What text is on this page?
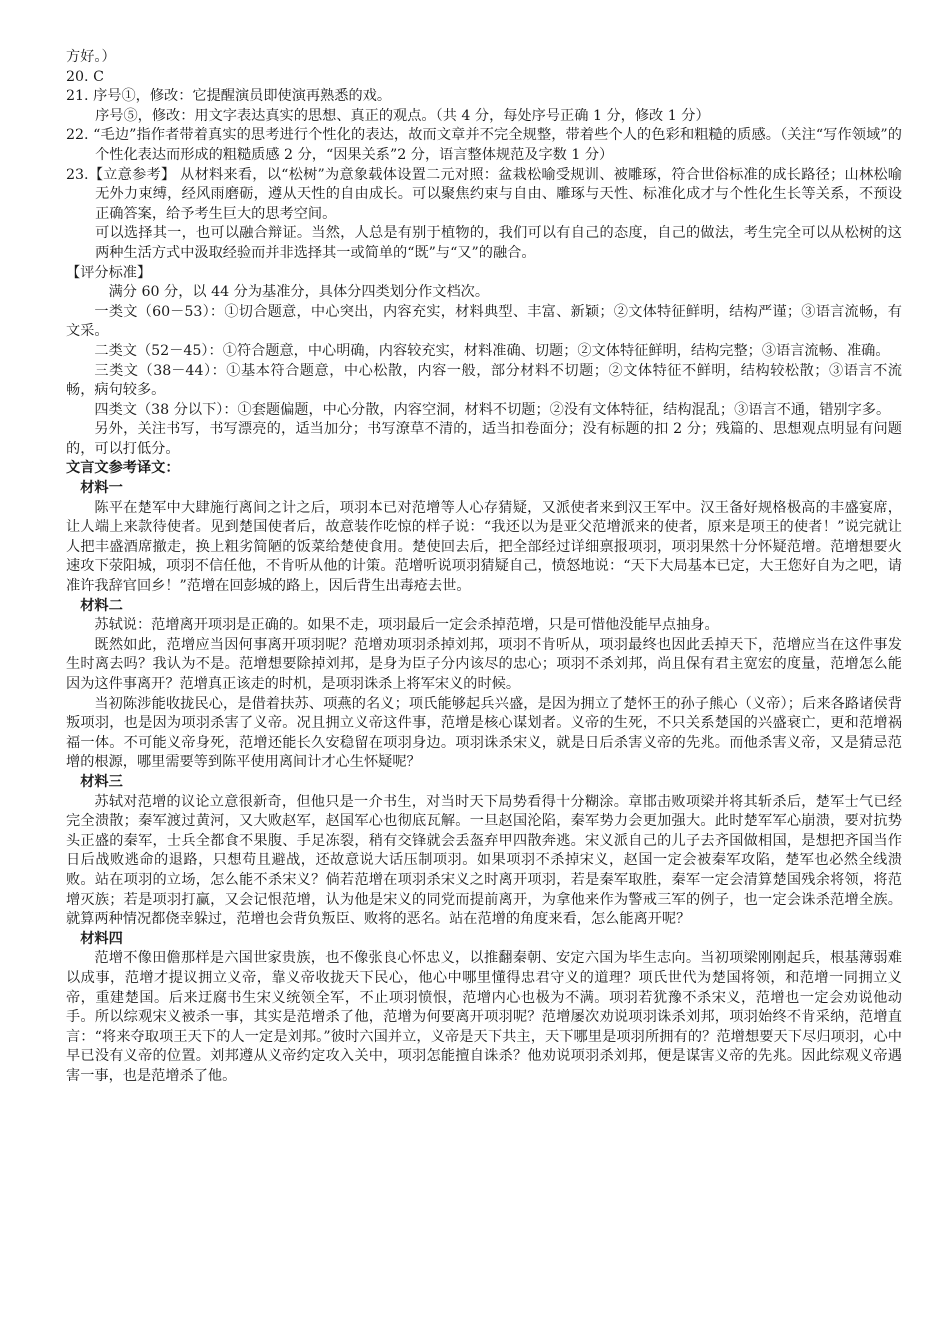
方好。）
20. C
21. 序号①，修改：它提醒演员即使演再熟悉的戏。
序号⑤，修改：用文字表达真实的思想、真正的观点。（共 4 分，每处序号正确 1 分，修改 1 分）

22. “毛边”指作者带着真实的思考进行个性化的表达，故而文章并不完全规整，带着些个人的色彩和粗糙的质感。（关注“写作领域”的个性化表达而形成的粗糙质感 2 分，“因果关系”2 分，语言整体规范及字数 1 分）

23.【立意参考】 从材料来看，以“松树”为意象载体设置二元对照：盆栽松喻受规训、被雕琢，符合世俗标准的成长路径；山林松喻无外力束缚，经风雨磨砺，遵从天性的自由成长。可以聚焦约束与自由、雕琢与天性、标准化成才与个性化生长等关系，不预设正确答案，给予考生巨大的思考空间。

可以选择其一，也可以融合辩证。当然，人总是有别于植物的，我们可以有自己的态度，自己的做法，考生完全可以从松树的这两种生活方式中汲取经验而并非选择其一或简单的“既”与“又”的融合。

【评分标准】

满分 60 分，以 44 分为基准分，具体分四类划分作文档次。

一类文（60－53）：①切合题意，中心突出，内容充实，材料典型、丰富、新颖；②文体特征鲜明，结构严谨；③语言流畅，有文采。

二类文（52－45）：①符合题意，中心明确，内容较充实，材料准确、切题；②文体特征鲜明，结构完整；③语言流畅、准确。

三类文（38－44）：①基本符合题意，中心松散，内容一般，部分材料不切题；②文体特征不鲜明，结构较松散；③语言不流畅，病句较多。

四类文（38 分以下）：①套题偏题，中心分散，内容空洞，材料不切题；②没有文体特征，结构混乱；③语言不通，错别字多。

另外，关注书写，书写漂亮的，适当加分；书写潦草不清的，适当扣卷面分；没有标题的扣 2 分；残篇的、思想观点明显有问题的，可以打低分。

文言文参考译文：
材料一

陈平在楚军中大肆施行离间之计之后，项羽本已对范增等人心存猜疑，又派使者来到汉王军中。汉王备好规格极高的丰盛宴席，让人端上来款待使者。见到楚国使者后，故意装作吃惊的样子说：“我还以为是亚父范增派来的使者，原来是项王的使者！”说完就让人把丰盛酒席撤走，换上粗劣简陋的饭菜给楚使食用。楚使回去后，把全部经过详细禀报项羽，项羽果然十分怀疑范增。范增想要火速攻下荥阳城，项羽不信任他，不肯听从他的计策。范增听说项羽猜疑自己，愤怒地说：“天下大局基本已定，大王您好自为之吧，请准许我辞官回乡！”范增在回彭城的路上，因后背生出毒疮去世。

材料二

苏轼说：范增离开项羽是正确的。如果不走，项羽最后一定会杀掉范增，只是可惜他没能早点抽身。

既然如此，范增应当因何事离开项羽呢？范增劝项羽杀掉刘邦，项羽不肯听从，项羽最终也因此丢掉天下，范增应当在这件事发生时离去吗？我认为不是。范增想要除掉刘邦，是身为臣子分内该尽的忠心；项羽不杀刘邦，尚且保有君主宽宏的度量，范增怎么能因为这件事离开？范增真正该走的时机，是项羽诛杀上将军宋义的时候。

当初陈涉能收拢民心，是借着扶苏、项燕的名义；项氏能够起兵兴盛，是因为拥立了楚怀王的孙子熊心（义帝）；后来各路诸侯背叛项羽，也是因为项羽杀害了义帝。况且拥立义帝这件事，范增是核心谋划者。义帝的生死，不只关系楚国的兴盛衰亡，更和范增祸福一体。不可能义帝身死，范增还能长久安稳留在项羽身边。项羽诛杀宋义，就是日后杀害义帝的先兆。而他杀害义帝，又是猜忌范增的根源，哪里需要等到陈平使用离间计才心生怀疑呢？

材料三

苏轼对范增的议论立意很新奇，但他只是一介书生，对当时天下局势看得十分糊涂。章邯击败项梁并将其斩杀后，楚军士气已经完全溃散；秦军渡过黄河，又大败赵军，赵国军心也彻底瓦解。一旦赵国沦陷，秦军势力会更加强大。此时楚军军心崩溃，要对抗势头正盛的秦军，士兵全都食不果腹、手足冻裂，稍有交锋就会丢盔弃甲四散奔逃。宋义派自己的儿子去齐国做相国，是想把齐国当作日后战败逃命的退路，只想苟且避战，还故意说大话压制项羽。如果项羽不杀掉宋义，赵国一定会被秦军攻陷，楚军也必然全线溃败。站在项羽的立场，怎么能不杀宋义？倘若范增在项羽杀宋义之时离开项羽，若是秦军取胜，秦军一定会清算楚国残余将领，将范增灭族；若是项羽打赢，又会记恨范增，认为他是宋义的同党而提前离开，为拿他来作为警戒三军的例子，也一定会诛杀范增全族。就算两种情况都侥幸躲过，范增也会背负叛臣、败将的恶名。站在范增的角度来看，怎么能离开呢？

材料四

范增不像田儋那样是六国世家贵族，也不像张良心怀忠义，以推翻秦朝、安定六国为毕生志向。当初项梁刚刚起兵，根基薄弱难以成事，范增才提议拥立义帝，靠义帝收拢天下民心，他心中哪里懂得忠君守义的道理？项氏世代为楚国将领，和范增一同拥立义帝，重建楚国。后来迂腐书生宋义统领全军，不止项羽愤恨，范增内心也极为不满。项羽若犹豫不杀宋义，范增也一定会劝说他动手。所以综观宋义被杀一事，其实是范增杀了他，范增为何要离开项羽呢？范增屡次劝说项羽诛杀刘邦，项羽始终不肯采纳，范增直言：“将来夺取项王天下的人一定是刘邦。”彼时六国并立，义帝是天下共主，天下哪里是项羽所拥有的？范增想要天下尽归项羽，心中早已没有义帝的位置。刘邦遵从义帝约定攻入关中，项羽怎能擅自诛杀？他劝说项羽杀刘邦，便是谋害义帝的先兆。因此综观义帝遇害一事，也是范增杀了他。
